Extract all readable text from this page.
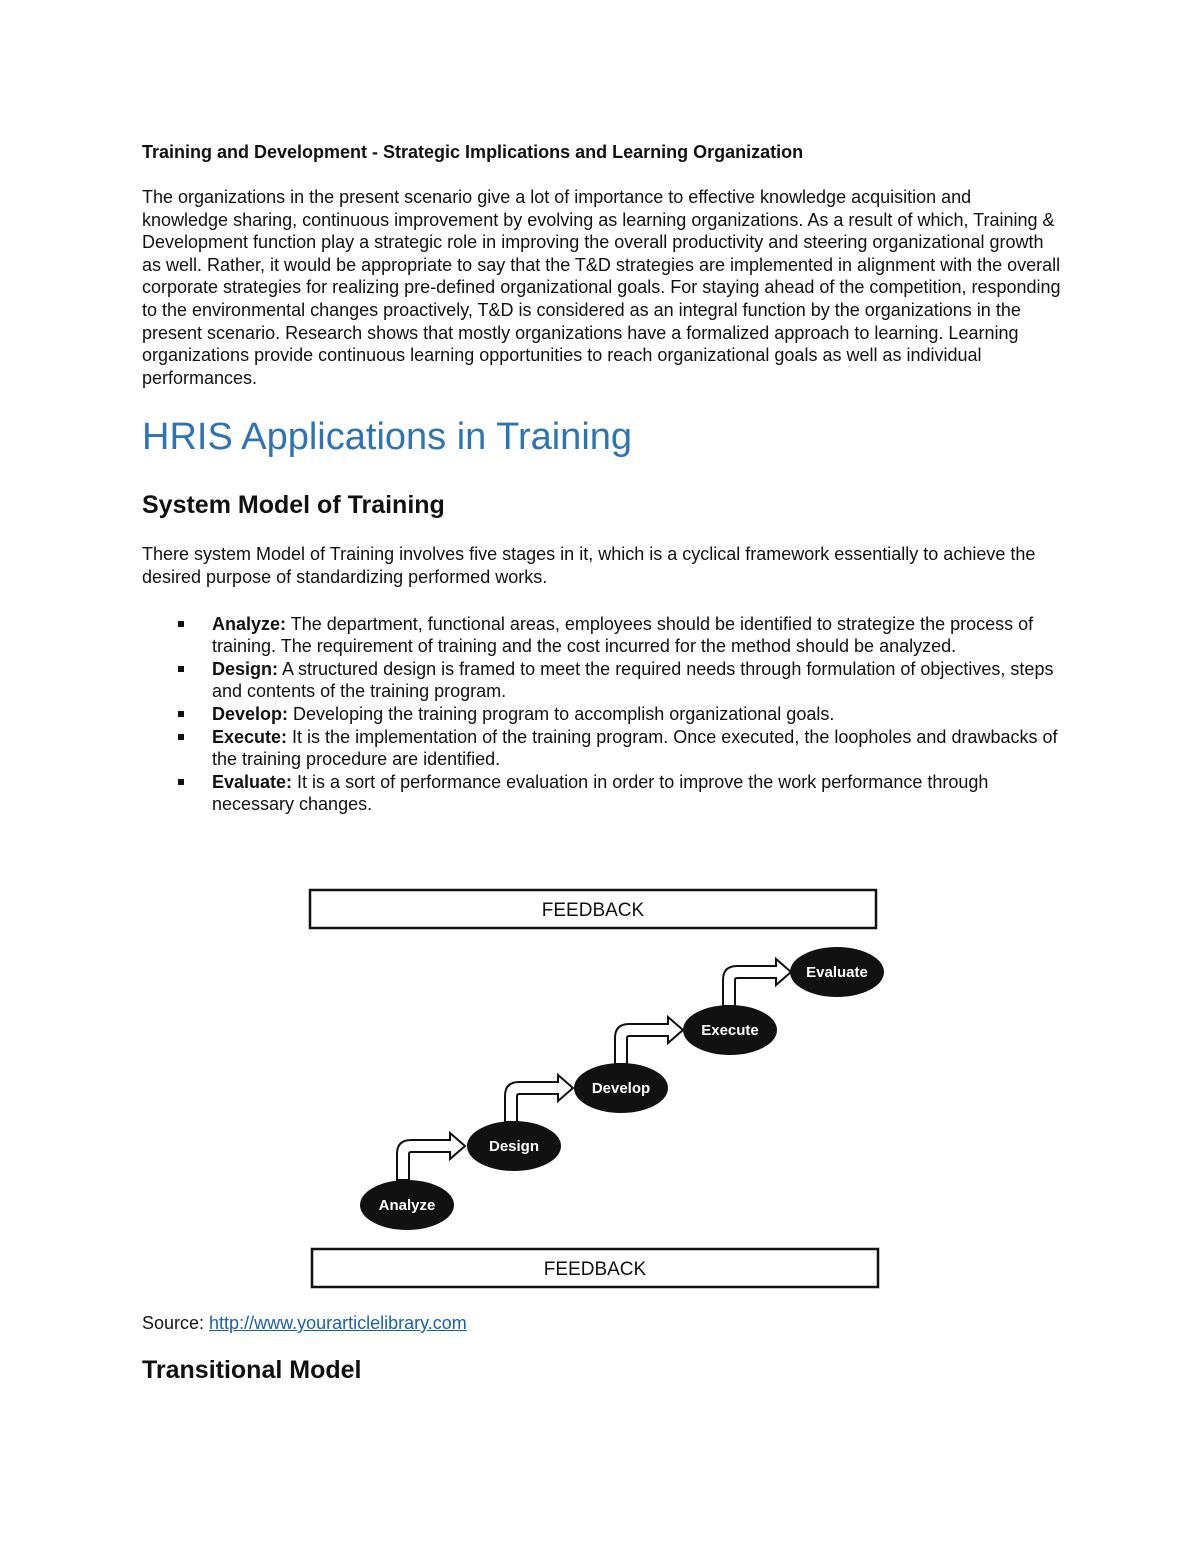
Training and Development - Strategic Implications and Learning Organization

The organizations in the present scenario give a lot of importance to effective knowledge acquisition and knowledge sharing, continuous improvement by evolving as learning organizations. As a result of which, Training & Development function play a strategic role in improving the overall productivity and steering organizational growth as well. Rather, it would be appropriate to say that the T&D strategies are implemented in alignment with the overall corporate strategies for realizing pre-defined organizational goals. For staying ahead of the competition, responding to the environmental changes proactively, T&D is considered as an integral function by the organizations in the present scenario. Research shows that mostly organizations have a formalized approach to learning. Learning organizations provide continuous learning opportunities to reach organizational goals as well as individual performances.

HRIS Applications in Training
System Model of Training

There system Model of Training involves five stages in it, which is a cyclical framework essentially to achieve the desired purpose of standardizing performed works.

Analyze: The department, functional areas, employees should be identified to strategize the process of training. The requirement of training and the cost incurred for the method should be analyzed.
Design: A structured design is framed to meet the required needs through formulation of objectives, steps and contents of the training program.
Develop: Developing the training program to accomplish organizational goals.
Execute: It is the implementation of the training program. Once executed, the loopholes and drawbacks of the training procedure are identified.
Evaluate: It is a sort of performance evaluation in order to improve the work performance through necessary changes.
FEEDBACK
FEEDBACK
Analyze
Design
Develop
Execute
Evaluate
Source: http://www.yourarticlelibrary.com
Transitional Model
